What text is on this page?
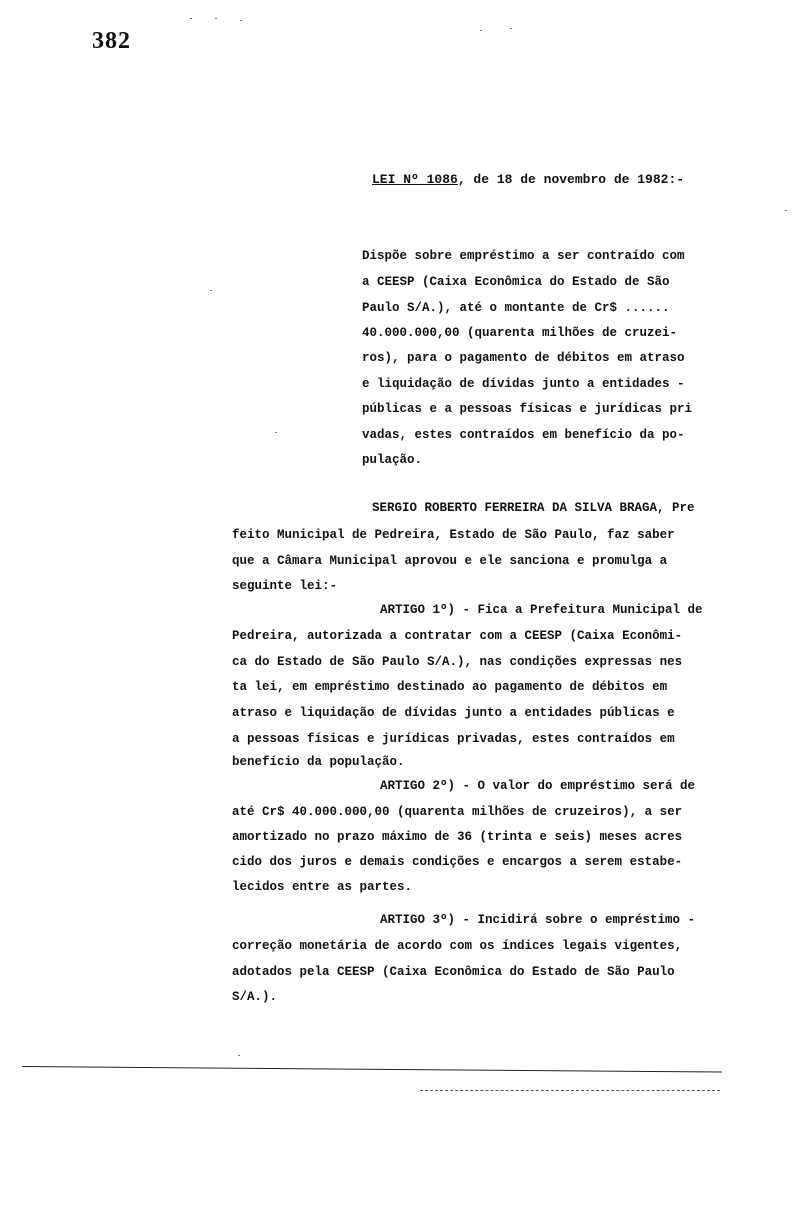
382
LEI Nº 1086, de 18 de novembro de 1982:-
Dispõe sobre empréstimo a ser contraído com
a CEESP (Caixa Econômica do Estado de São
Paulo S/A.), até o montante de Cr$ ......
40.000.000,00 (quarenta milhões de cruzei-
ros), para o pagamento de débitos em atraso
e liquidação de dívidas junto a entidades -
públicas e a pessoas físicas e jurídicas pri
vadas, estes contraídos em benefício da po-
pulação.
SERGIO ROBERTO FERREIRA DA SILVA BRAGA, Pre
feito Municipal de Pedreira, Estado de São Paulo, faz saber
que a Câmara Municipal aprovou e ele sanciona e promulga a
seguinte lei:-
ARTIGO 1º) - Fica a Prefeitura Municipal de
Pedreira, autorizada a contratar com a CEESP (Caixa Econômi-
ca do Estado de São Paulo S/A.), nas condições expressas nes
ta lei, em empréstimo destinado ao pagamento de débitos em
atraso e liquidação de dívidas junto a entidades públicas e
a pessoas físicas e jurídicas privadas, estes contraídos em
benefício da população.
ARTIGO 2º) - O valor do empréstimo será de
até Cr$ 40.000.000,00 (quarenta milhões de cruzeiros), a ser
amortizado no prazo máximo de 36 (trinta e seis) meses acres
cido dos juros e demais condições e encargos a serem estabe-
lecidos entre as partes.
ARTIGO 3º) - Incidirá sobre o empréstimo -
correção monetária de acordo com os índices legais vigentes,
adotados pela CEESP (Caixa Econômica do Estado de São Paulo
S/A.).
